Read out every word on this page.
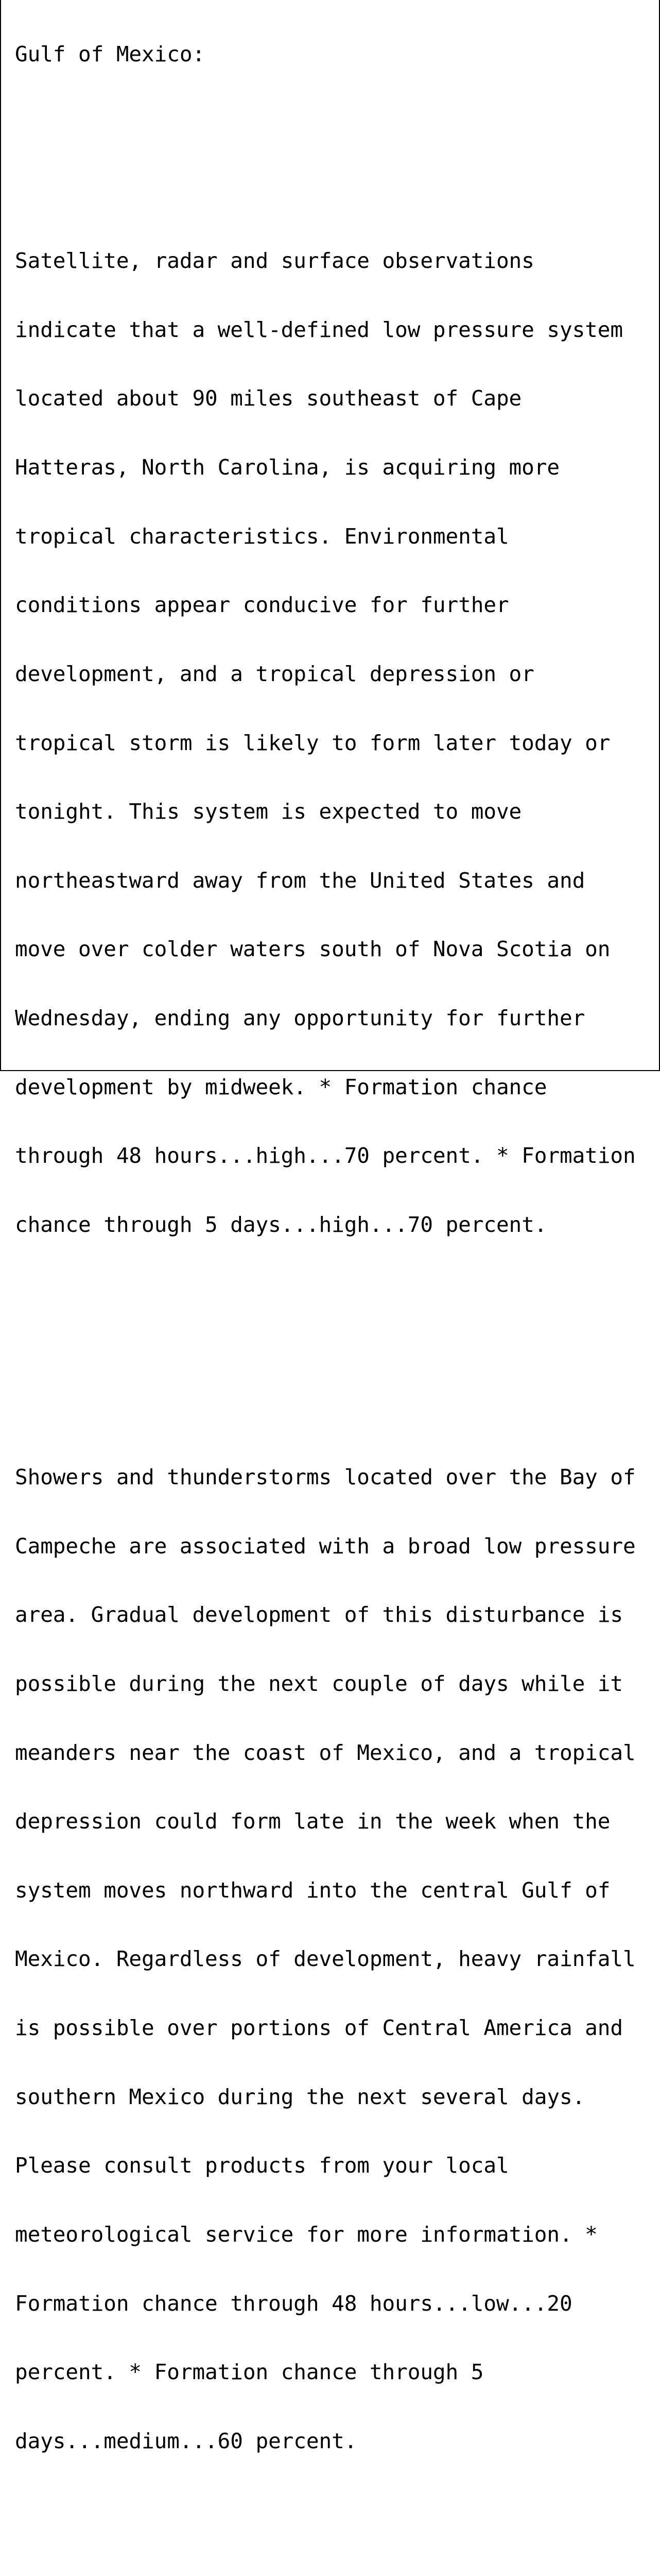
Gulf of Mexico:

Satellite, radar and surface observations

indicate that a well-defined low pressure system

located about 90 miles southeast of Cape

Hatteras, North Carolina, is acquiring more

tropical characteristics. Environmental

conditions appear conducive for further

development, and a tropical depression or

tropical storm is likely to form later today or

tonight. This system is expected to move

northeastward away from the United States and

move over colder waters south of Nova Scotia on

Wednesday, ending any opportunity for further

development by midweek. * Formation chance

through 48 hours...high...70 percent. * Formation

chance through 5 days...high...70 percent.

Showers and thunderstorms located over the Bay of

Campeche are associated with a broad low pressure

area. Gradual development of this disturbance is

possible during the next couple of days while it

meanders near the coast of Mexico, and a tropical

depression could form late in the week when the

system moves northward into the central Gulf of

Mexico. Regardless of development, heavy rainfall

is possible over portions of Central America and

southern Mexico during the next several days.

Please consult products from your local

meteorological service for more information. *

Formation chance through 48 hours...low...20

percent. * Formation chance through 5

days...medium...60 percent.
